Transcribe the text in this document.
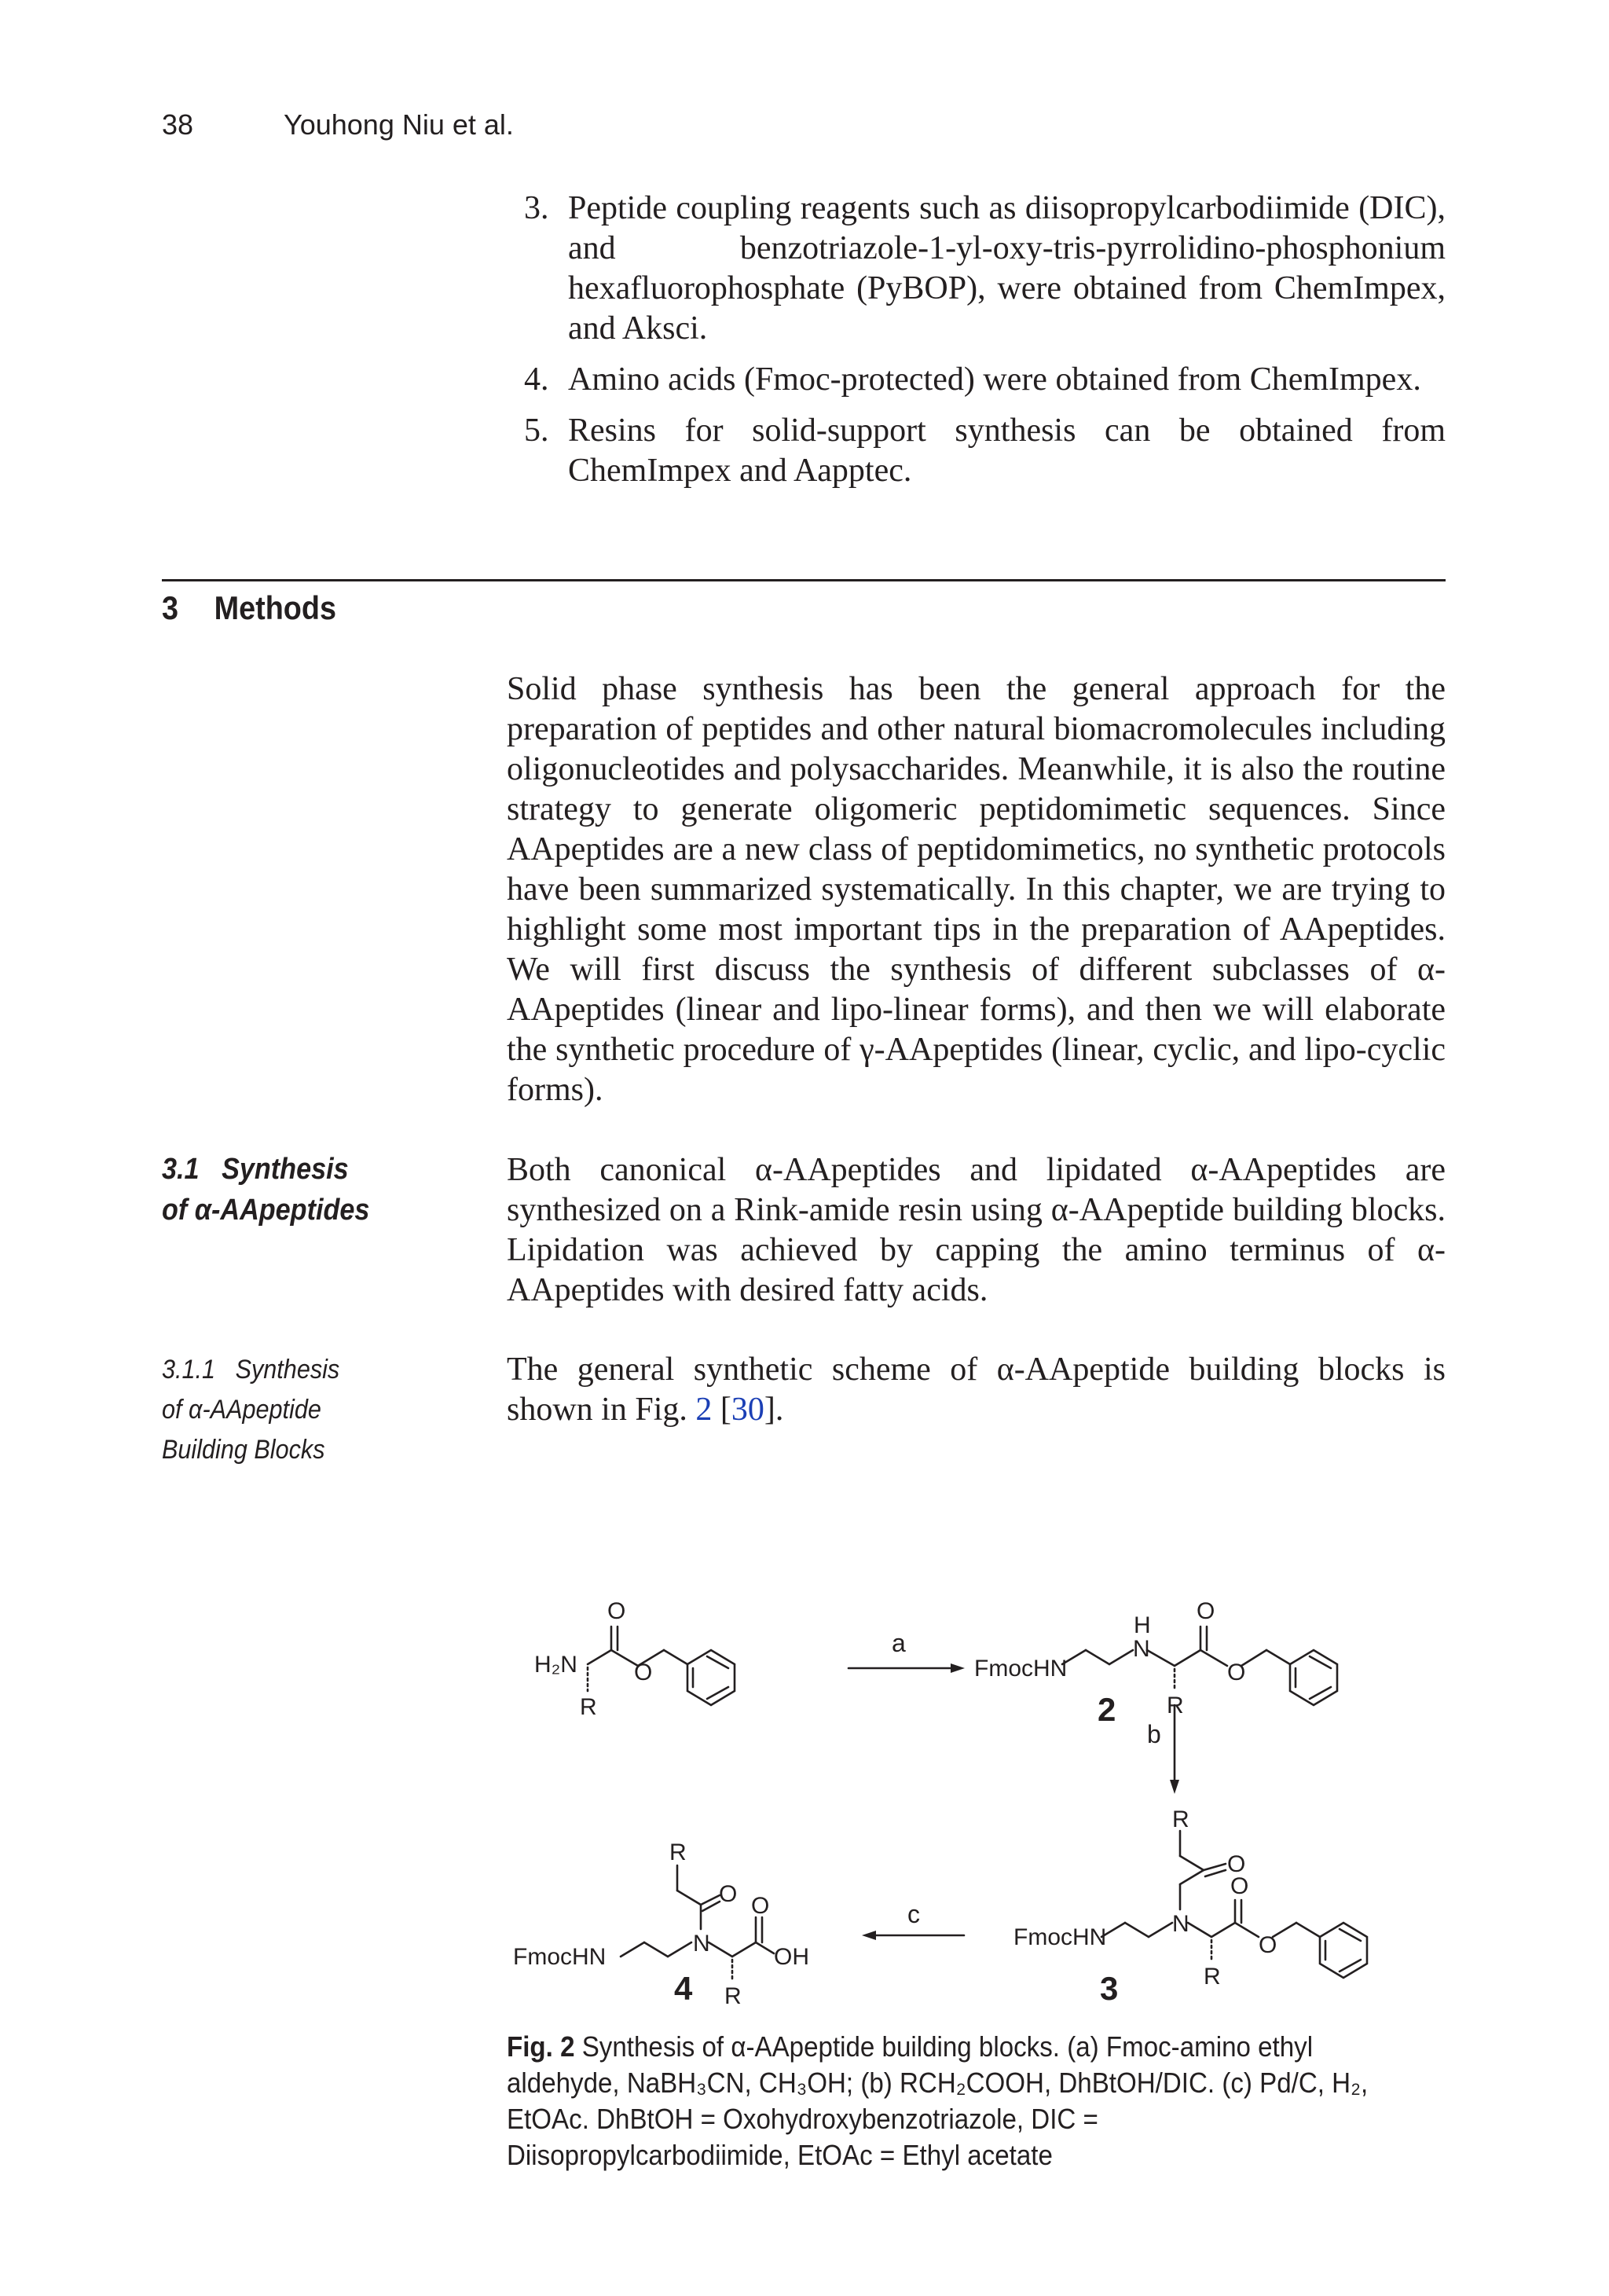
38	Youhong Niu et al.
3. Peptide coupling reagents such as diisopropylcarbodiimide (DIC), and benzotriazole-1-yl-oxy-tris-pyrrolidino-phosphonium hexafluorophosphate (PyBOP), were obtained from ChemImpex, and Aksci.
4. Amino acids (Fmoc-protected) were obtained from ChemImpex.
5. Resins for solid-support synthesis can be obtained from ChemImpex and Aapptec.
3 Methods
Solid phase synthesis has been the general approach for the preparation of peptides and other natural biomacromolecules including oligonucleotides and polysaccharides. Meanwhile, it is also the routine strategy to generate oligomeric peptidomimetic sequences. Since AApeptides are a new class of peptidomimetics, no synthetic protocols have been summarized systematically. In this chapter, we are trying to highlight some most important tips in the preparation of AApeptides. We will first discuss the synthesis of different subclasses of α-AApeptides (linear and lipo-linear forms), and then we will elaborate the synthetic procedure of γ-AApeptides (linear, cyclic, and lipo-cyclic forms).
3.1 Synthesis
of α-AApeptides
Both canonical α-AApeptides and lipidated α-AApeptides are synthesized on a Rink-amide resin using α-AApeptide building blocks. Lipidation was achieved by capping the amino terminus of α-AApeptides with desired fatty acids.
3.1.1 Synthesis
of α-AApeptide
Building Blocks
The general synthetic scheme of α-AApeptide building blocks is shown in Fig. 2 [30].
H₂N
O
O
R
a
FmocHN
H
N
O
O
R
2
b
FmocHN
R
O
N
O
O
R
3
c
FmocHN
R
O
N
O
OH
R
4
Fig. 2 Synthesis of α-AApeptide building blocks. (a) Fmoc-amino ethyl aldehyde, NaBH₃CN, CH₃OH; (b) RCH₂COOH, DhBtOH/DIC. (c) Pd/C, H₂, EtOAc. DhBtOH = Oxohydroxybenzotriazole, DIC = Diisopropylcarbodiimide, EtOAc = Ethyl acetate
